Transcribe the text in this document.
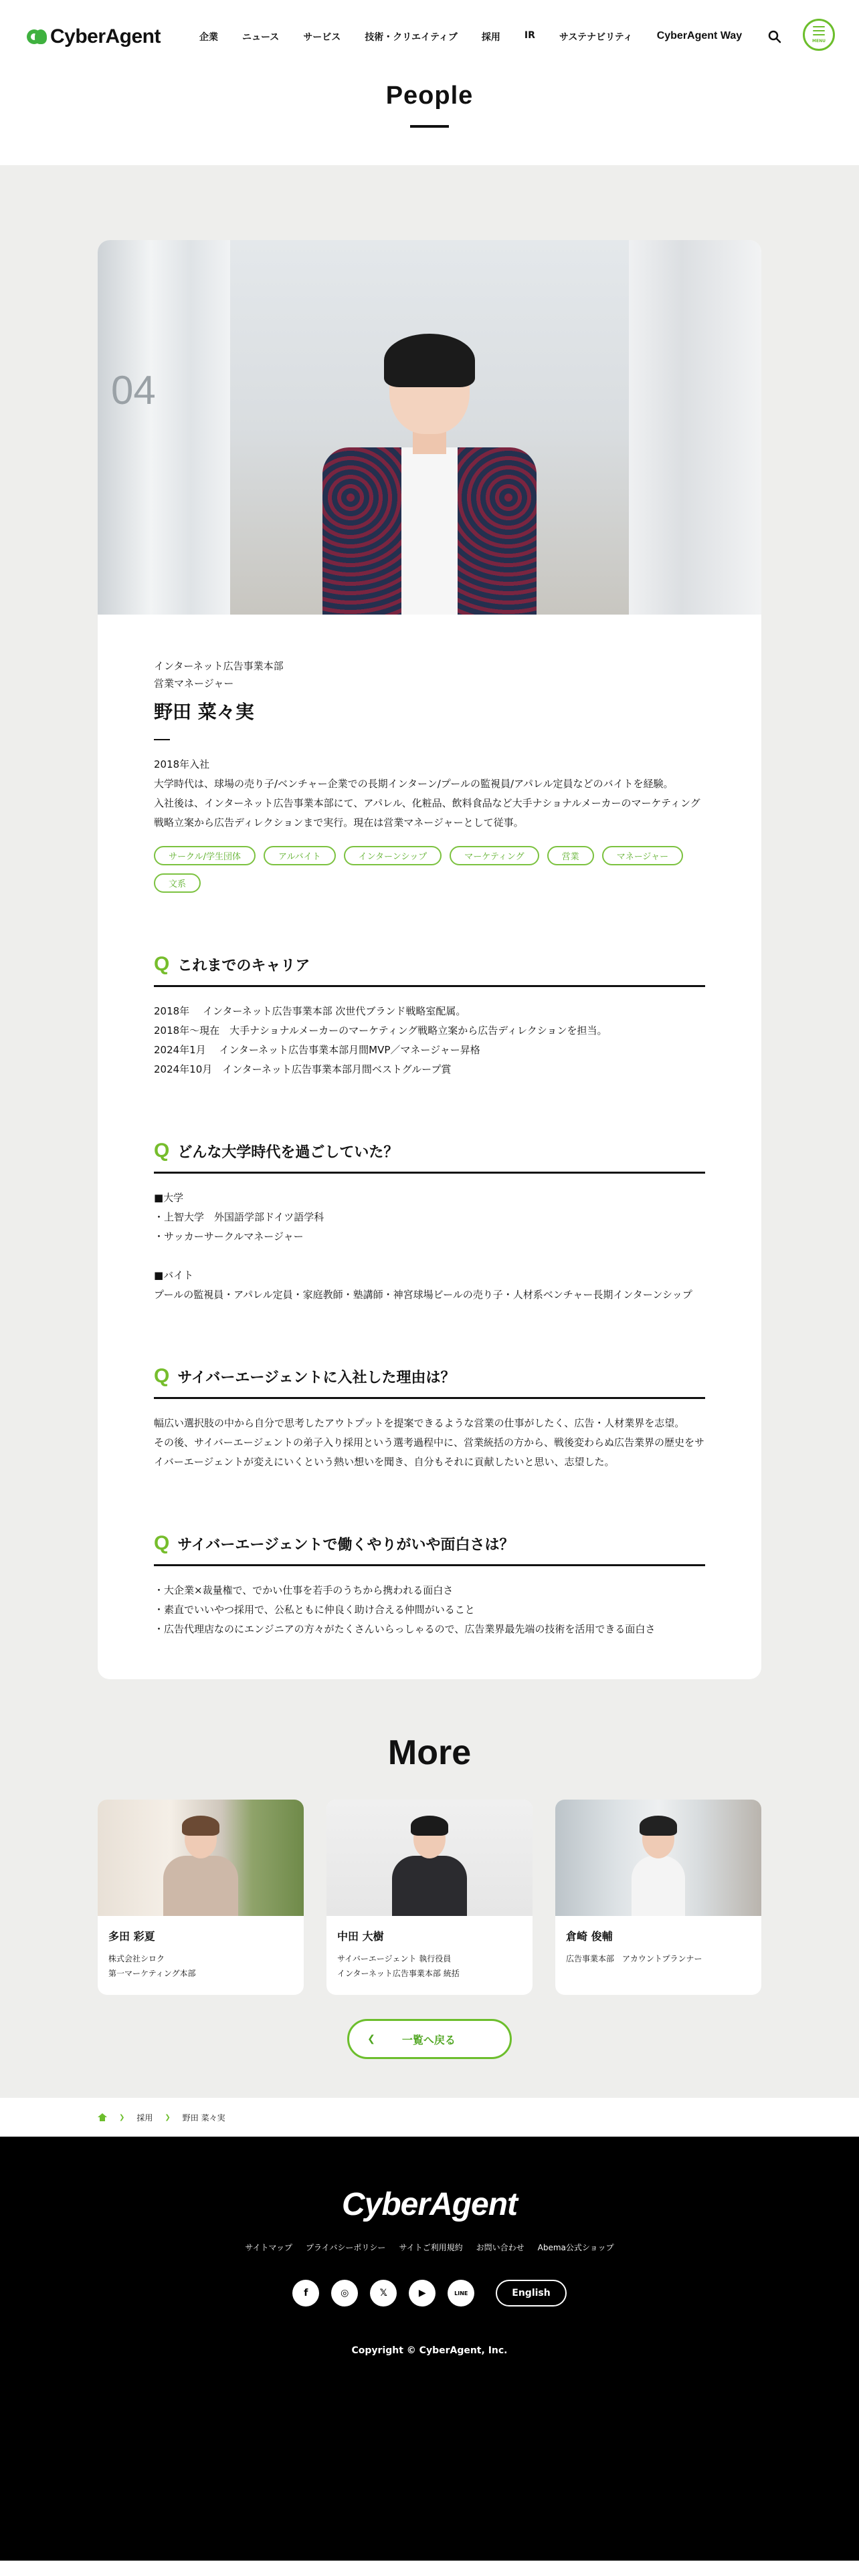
CyberAgent	企業	ニュース	サービス	技術・クリエイティブ	採用	IR	サステナビリティ	CyberAgent Way	MENU
People
04

インターネット広告事業本部

営業マネージャー

野田 菜々実

2018年入社

大学時代は、球場の売り子/ベンチャー企業での長期インターン/プールの監視員/アパレル定員などのバイトを経験。

入社後は、インターネット広告事業本部にて、アパレル、化粧品、飲料食品など大手ナショナルメーカーのマーケティング戦略立案から広告ディレクションまで実行。現在は営業マネージャーとして従事。

サークル/学生団体	アルバイト	インターンシップ	マーケティング	営業	マネージャー
文系
Q これまでのキャリア

2018年　 インターネット広告事業本部 次世代ブランド戦略室配属。
2018年～現在　大手ナショナルメーカーのマーケティング戦略立案から広告ディレクションを担当。
2024年1月　 インターネット広告事業本部月間MVP／マネージャー昇格
2024年10月　インターネット広告事業本部月間ベストグループ賞

Q どんな大学時代を過ごしていた？

■大学
・上智大学　外国語学部ドイツ語学科
・サッカーサークルマネージャー

■バイト
プールの監視員・アパレル定員・家庭教師・塾講師・神宮球場ビールの売り子・人材系ベンチャー長期インターンシップ

Q サイバーエージェントに入社した理由は？

幅広い選択肢の中から自分で思考したアウトプットを提案できるような営業の仕事がしたく、広告・人材業界を志望。
その後、サイバーエージェントの弟子入り採用という選考過程中に、営業統括の方から、戦後変わらぬ広告業界の歴史をサイバーエージェントが変えにいくという熱い想いを聞き、自分もそれに貢献したいと思い、志望した。

Q サイバーエージェントで働くやりがいや面白さは？

・大企業×裁量権で、でかい仕事を若手のうちから携われる面白さ
・素直でいいやつ採用で、公私ともに仲良く助け合える仲間がいること
・広告代理店なのにエンジニアの方々がたくさんいらっしゃるので、広告業界最先端の技術を活用できる面白さ

More

多田 彩夏

株式会社シロク

第一マーケティング本部

中田 大樹

サイバーエージェント 執行役員

インターネット広告事業本部 統括

倉崎 俊輔

広告事業本部　アカウントプランナー

❮	一覧へ戻る
❯ 採用 ❯ 野田 菜々実
CyberAgent
サイトマップ プライバシーポリシー サイトご利用規約 お問い合わせ Abema公式ショップ
f	◎	𝕏	▶	LINE	English

Copyright © CyberAgent, Inc.
